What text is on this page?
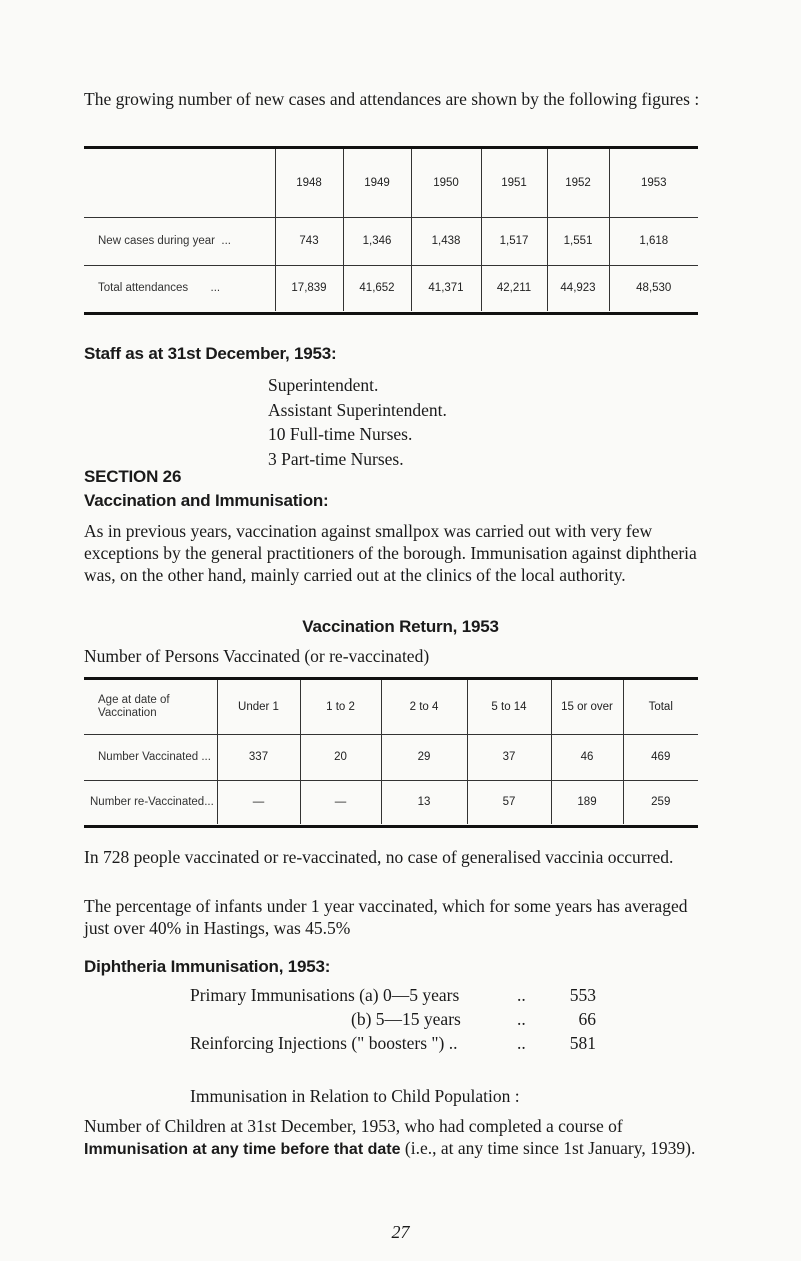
The growing number of new cases and attendances are shown by the following figures :

	1948	1949	1950	1951	1952	1953
New cases during year ...	743	1,346	1,438	1,517	1,551	1,618
Total attendances ...	17,839	41,652	41,371	42,211	44,923	48,530
Staff as at 31st December, 1953:
Superintendent.
Assistant Superintendent.
10 Full-time Nurses.
3 Part-time Nurses.
SECTION 26
Vaccination and Immunisation:

As in previous years, vaccination against smallpox was carried out with very few exceptions by the general practitioners of the borough. Immunisation against diphtheria was, on the other hand, mainly carried out at the clinics of the local authority.

Vaccination Return, 1953
Number of Persons Vaccinated (or re-vaccinated)
Age at date of
Vaccination	Under 1	1 to 2	2 to 4	5 to 14	15 or over	Total
Number Vaccinated ...	337	20	29	37	46	469
Number re-Vaccinated...	—	—	13	57	189	259

In 728 people vaccinated or re-vaccinated, no case of generalised vaccinia occurred.

The percentage of infants under 1 year vaccinated, which for some years has averaged just over 40% in Hastings, was 45.5%

Diphtheria Immunisation, 1953:
Primary Immunisations (a) 0—5 years	..	553
(b) 5—15 years	..	66
Reinforcing Injections (" boosters ") ..	..	581
Immunisation in Relation to Child Population :

Number of Children at 31st December, 1953, who had completed a course of Immunisation at any time before that date (i.e., at any time since 1st January, 1939).

27
